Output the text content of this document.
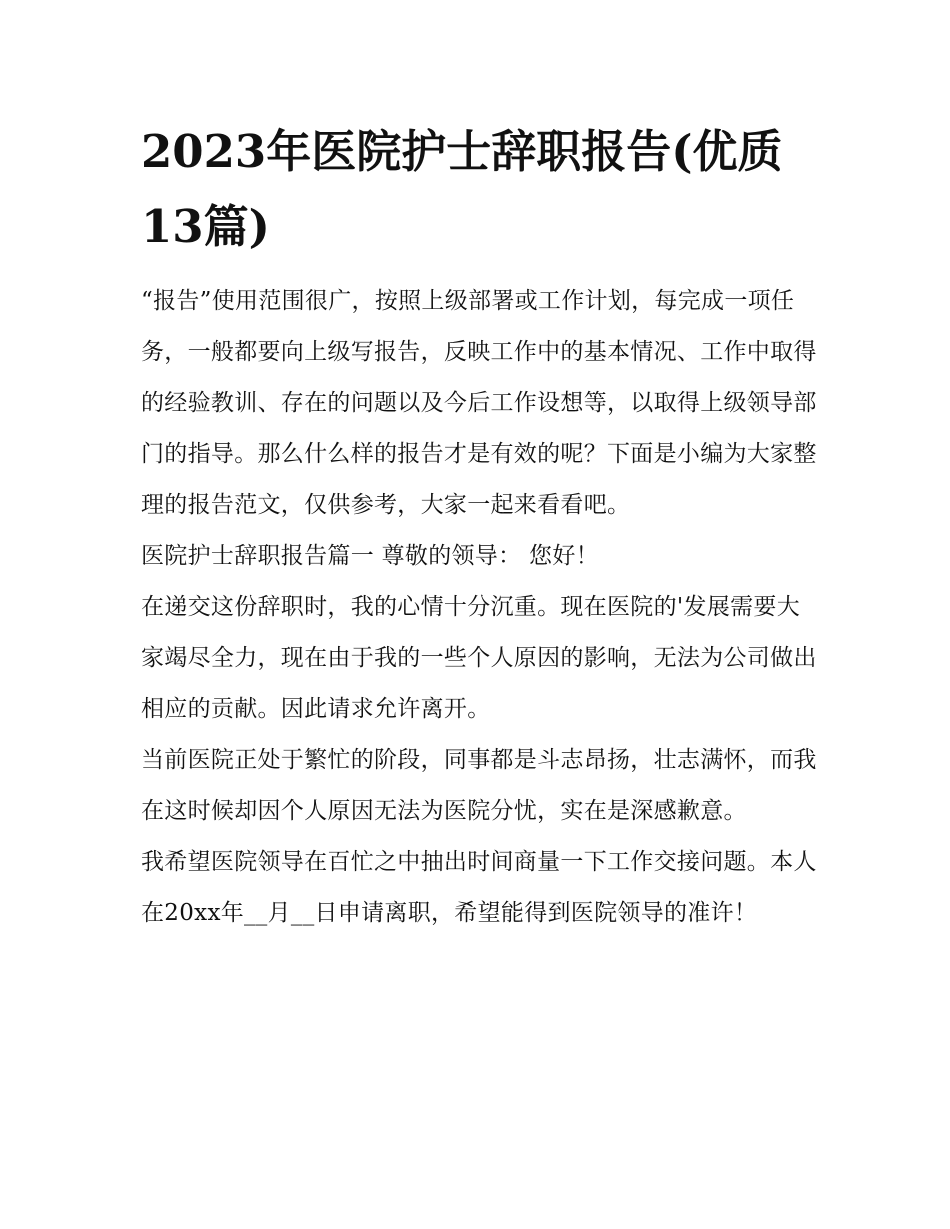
2023年医院护士辞职报告(优质13篇)

“报告”使用范围很广，按照上级部署或工作计划，每完成一项任务，一般都要向上级写报告，反映工作中的基本情况、工作中取得的经验教训、存在的问题以及今后工作设想等，以取得上级领导部门的指导。那么什么样的报告才是有效的呢？下面是小编为大家整理的报告范文，仅供参考，大家一起来看看吧。

医院护士辞职报告篇一 尊敬的领导： 您好！

在递交这份辞职时，我的心情十分沉重。现在医院的'发展需要大家竭尽全力，现在由于我的一些个人原因的影响，无法为公司做出相应的贡献。因此请求允许离开。

当前医院正处于繁忙的阶段，同事都是斗志昂扬，壮志满怀，而我在这时候却因个人原因无法为医院分忧，实在是深感歉意。

我希望医院领导在百忙之中抽出时间商量一下工作交接问题。本人在20xx年__月__日申请离职，希望能得到医院领导的准许！
